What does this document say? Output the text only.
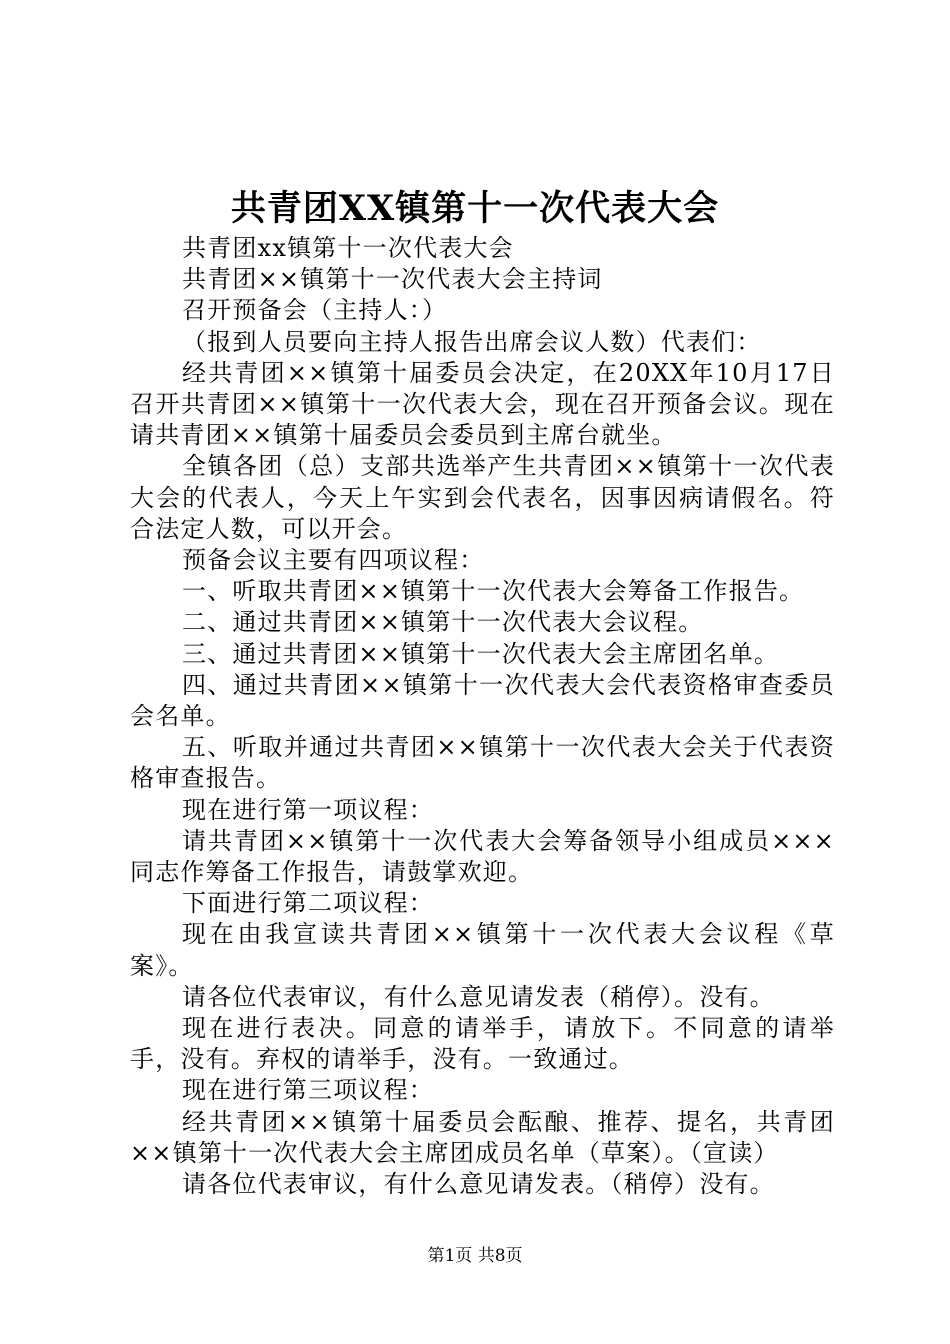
共青团XX镇第十一次代表大会

共青团xx镇第十一次代表大会

共青团××镇第十一次代表大会主持词

召开预备会（主持人：）

（报到人员要向主持人报告出席会议人数）代表们：

经共青团××镇第十届委员会决定，在20XX年10月17日召开共青团××镇第十一次代表大会，现在召开预备会议。现在请共青团××镇第十届委员会委员到主席台就坐。

全镇各团（总）支部共选举产生共青团××镇第十一次代表大会的代表人，今天上午实到会代表名，因事因病请假名。符合法定人数，可以开会。

预备会议主要有四项议程：

一、听取共青团××镇第十一次代表大会筹备工作报告。

二、通过共青团××镇第十一次代表大会议程。

三、通过共青团××镇第十一次代表大会主席团名单。

四、通过共青团××镇第十一次代表大会代表资格审查委员会名单。

五、听取并通过共青团××镇第十一次代表大会关于代表资格审查报告。

现在进行第一项议程：

请共青团××镇第十一次代表大会筹备领导小组成员×××同志作筹备工作报告，请鼓掌欢迎。

下面进行第二项议程：

现在由我宣读共青团××镇第十一次代表大会议程《草案》。

请各位代表审议，有什么意见请发表（稍停）。没有。

现在进行表决。同意的请举手，请放下。不同意的请举手，没有。弃权的请举手，没有。一致通过。

现在进行第三项议程：

经共青团××镇第十届委员会酝酿、推荐、提名，共青团××镇第十一次代表大会主席团成员名单（草案）。（宣读）

请各位代表审议，有什么意见请发表。（稍停）没有。

第1页 共8页
